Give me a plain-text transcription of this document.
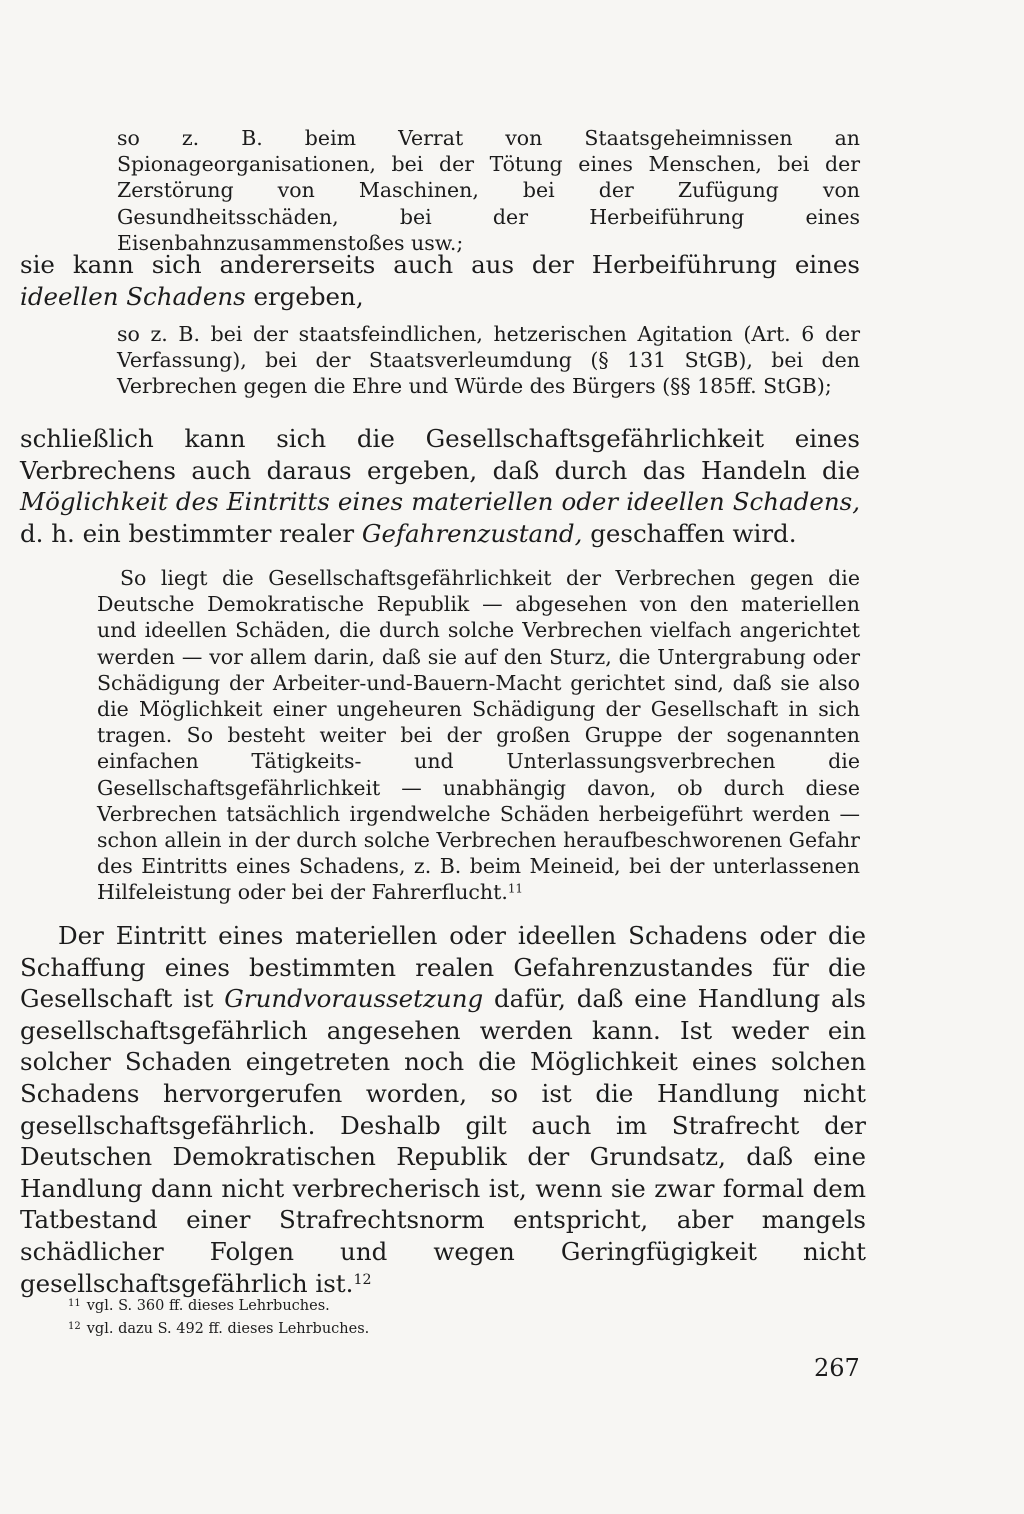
so z. B. beim Verrat von Staatsgeheimnissen an Spionageorganisationen, bei der Tötung eines Menschen, bei der Zerstörung von Maschinen, bei der Zufügung von Gesundheitsschäden, bei der Herbeiführung eines Eisenbahnzusammenstoßes usw.;

sie kann sich andererseits auch aus der Herbeiführung eines ideellen Schadens ergeben,

so z. B. bei der staatsfeindlichen, hetzerischen Agitation (Art. 6 der Verfassung), bei der Staatsverleumdung (§ 131 StGB), bei den Verbrechen gegen die Ehre und Würde des Bürgers (§§ 185ff. StGB);

schließlich kann sich die Gesellschaftsgefährlichkeit eines Verbrechens auch daraus ergeben, daß durch das Handeln die Möglichkeit des Eintritts eines materiellen oder ideellen Schadens, d. h. ein bestimmter realer Gefahrenzustand, geschaffen wird.

So liegt die Gesellschaftsgefährlichkeit der Verbrechen gegen die Deutsche Demokratische Republik — abgesehen von den materiellen und ideellen Schäden, die durch solche Verbrechen vielfach angerichtet werden — vor allem darin, daß sie auf den Sturz, die Untergrabung oder Schädigung der Arbeiter-und-Bauern-Macht gerichtet sind, daß sie also die Möglichkeit einer ungeheuren Schädigung der Gesellschaft in sich tragen. So besteht weiter bei der großen Gruppe der sogenannten einfachen Tätigkeits- und Unterlassungsverbrechen die Gesellschaftsgefährlichkeit — unabhängig davon, ob durch diese Verbrechen tatsächlich irgendwelche Schäden herbeigeführt werden — schon allein in der durch solche Verbrechen heraufbeschworenen Gefahr des Eintritts eines Schadens, z. B. beim Meineid, bei der unterlassenen Hilfeleistung oder bei der Fahrerflucht.$^{11}$

Der Eintritt eines materiellen oder ideellen Schadens oder die Schaffung eines bestimmten realen Gefahrenzustandes für die Gesellschaft ist Grundvoraussetzung dafür, daß eine Handlung als gesellschaftsgefährlich angesehen werden kann. Ist weder ein solcher Schaden eingetreten noch die Möglichkeit eines solchen Schadens hervorgerufen worden, so ist die Handlung nicht gesellschaftsgefährlich. Deshalb gilt auch im Strafrecht der Deutschen Demokratischen Republik der Grundsatz, daß eine Handlung dann nicht verbrecherisch ist, wenn sie zwar formal dem Tatbestand einer Strafrechtsnorm entspricht, aber mangels schädlicher Folgen und wegen Geringfügigkeit nicht gesellschaftsgefährlich ist.$^{12}$

11 vgl. S. 360 ff. dieses Lehrbuches.

12 vgl. dazu S. 492 ff. dieses Lehrbuches.

267
